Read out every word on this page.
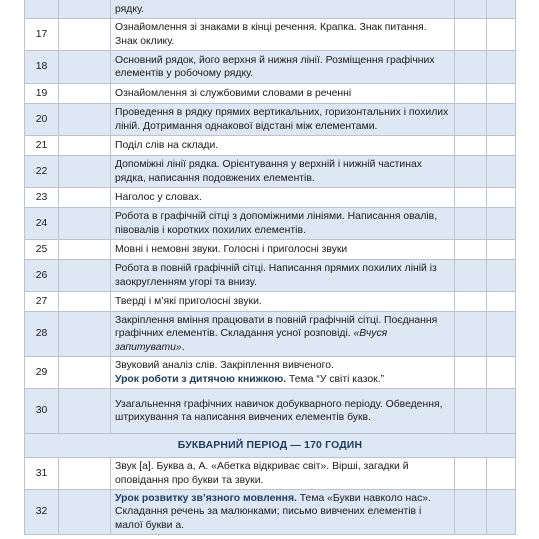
		рядку.		
17		Ознайомлення зі знаками в кінці речення. Крапка. Знак питання. Знак оклику.		
18		Основний рядок, його верхня й нижня лінії. Розміщення графічних елементів у робочому рядку.		
19		Ознайомлення зі службовими словами в реченні		
20		Проведення в рядку прямих вертикальних, горизонтальних і похилих ліній. Дотримання однакової відстані між елементами.		
21		Поділ слів на склади.		
22		Допоміжні лінії рядка. Орієнтування у верхній і нижній частинах рядка, написання подовжених елементів.		
23		Наголос у словах.		
24		Робота в графічній сітці з допоміжними лініями. Написання овалів, півовалів і коротких похилих елементів.		
25		Мовні і немовні звуки. Голосні і приголосні звуки		
26		Робота в повній графічній сітці. Написання прямих похилих ліній із заокругленням угорі та внизу.		
27		Тверді і м’які приголосні звуки.		
28		Закріплення вміння працювати в повній графічній сітці. Поєднання графічних елементів. Складання усної розповіді. «Вчуся запитувати».		
29		Звуковий аналіз слів. Закріплення вивченого.
Урок роботи з дитячою книжкою. Тема “У світі казок.”		
30		Узагальнення графічних навичок добукварного періоду. Обведення, штрихування та написання вивчених елементів букв.		
БУКВАРНИЙ ПЕРІОД — 170 ГОДИН				
31		Звук [а]. Буква а, А. «Абетка відкриває світ». Вірші, загадки й оповідання про букви та звуки.		
32		Урок розвитку зв’язного мовлення. Тема «Букви навколо нас». Складання речень за малюнками; письмо вивчених елементів і малої букви а.		
